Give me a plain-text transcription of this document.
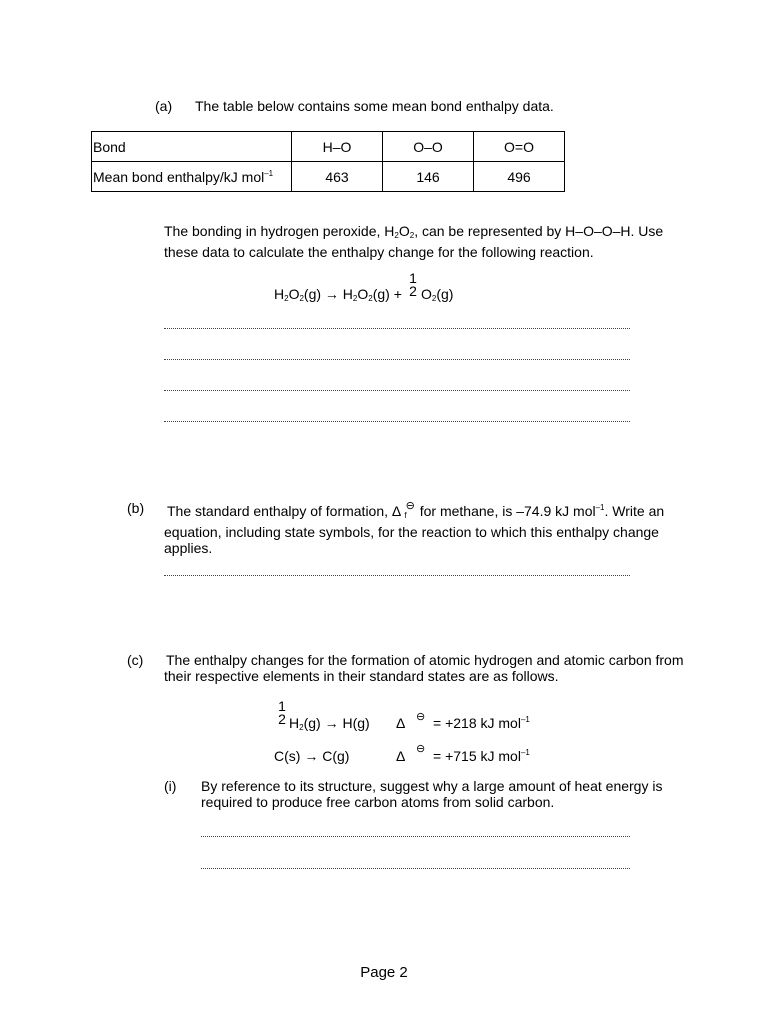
(a) The table below contains some mean bond enthalpy data.
Bond	H–O	O–O	O=O
Mean bond enthalpy/kJ mol$^{-1}$	463	146	496
The bonding in hydrogen peroxide, $H_2O_2$, can be represented by H–O–O–H. Use these data to calculate the enthalpy change for the following reaction.
$H_2O_2(g) \to H_2O_2(g)$ +
1
2 $O_2(g)$
(b) The standard enthalpy of formation, Δ $_f$⊖ for methane, is –74.9 kJ mol$^{-1}$. Write an equation, including state symbols, for the reaction to which this enthalpy change applies.
(c) The enthalpy changes for the formation of atomic hydrogen and atomic carbon from their respective elements in their standard states are as follows.
1
2 $H_2(g) \to H(g)$ Δ ⊖ = +218 kJ mol$^{-1}$
C(s) → C(g)	Δ ⊖ = +715 kJ mol$^{-1}$
(i) By reference to its structure, suggest why a large amount of heat energy is required to produce free carbon atoms from solid carbon.
Page 2
